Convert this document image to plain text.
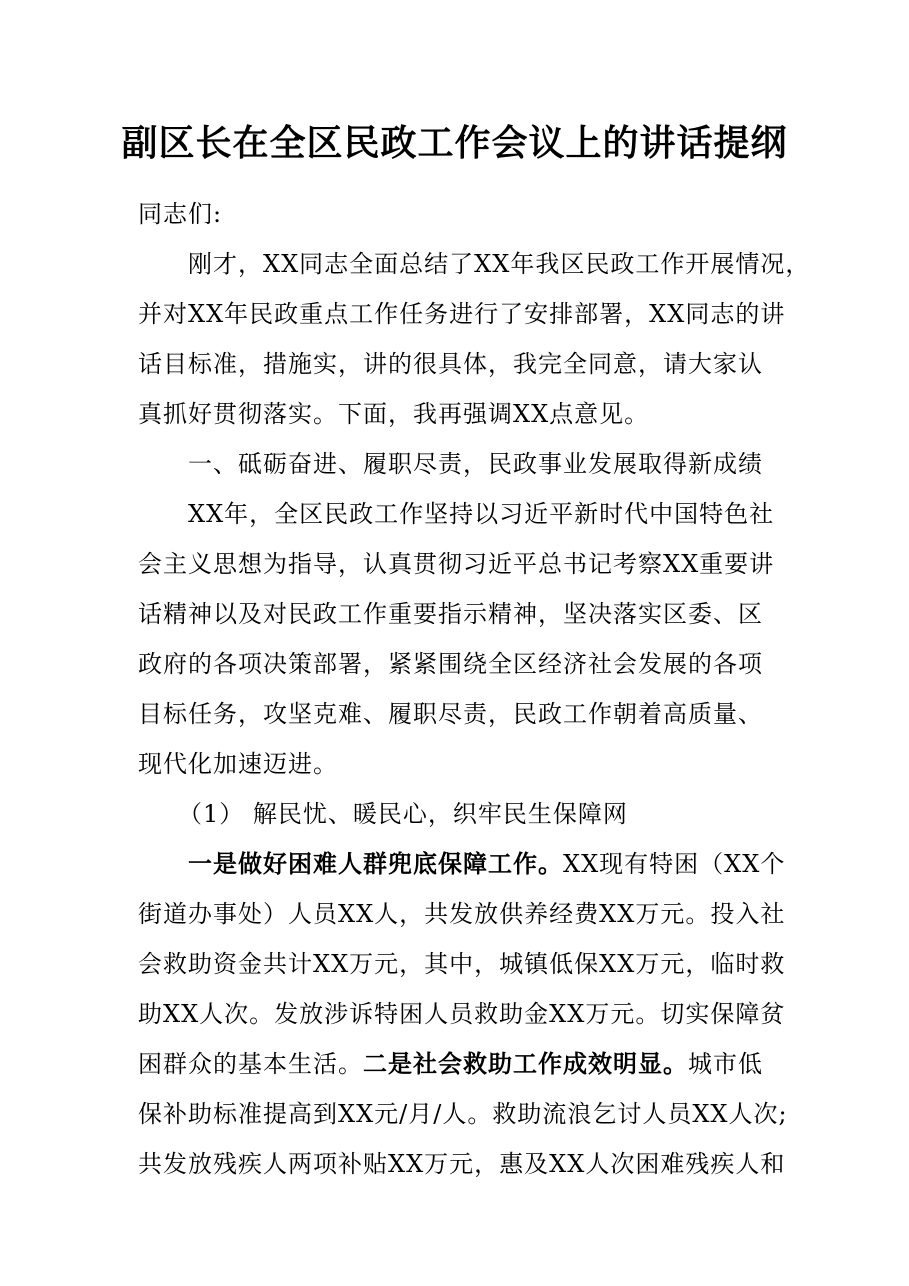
副区长在全区民政工作会议上的讲话提纲
同志们:
刚才，XX同志全面总结了XX年我区民政工作开展情况，
并对XX年民政重点工作任务进行了安排部署，XX同志的讲
话目标准，措施实，讲的很具体，我完全同意，请大家认
真抓好贯彻落实。下面，我再强调XX点意见。
一、砥砺奋进、履职尽责，民政事业发展取得新成绩
XX年，全区民政工作坚持以习近平新时代中国特色社
会主义思想为指导，认真贯彻习近平总书记考察XX重要讲
话精神以及对民政工作重要指示精神，坚决落实区委、区
政府的各项决策部署，紧紧围绕全区经济社会发展的各项
目标任务，攻坚克难、履职尽责，民政工作朝着高质量、
现代化加速迈进。
（1） 解民忧、暖民心，织牢民生保障网
一是做好困难人群兜底保障工作。XX现有特困（XX个
街道办事处）人员XX人，共发放供养经费XX万元。投入社
会救助资金共计XX万元，其中，城镇低保XX万元，临时救
助XX人次。发放涉诉特困人员救助金XX万元。切实保障贫
困群众的基本生活。二是社会救助工作成效明显。城市低
保补助标准提高到XX元/月/人。救助流浪乞讨人员XX人次;
共发放残疾人两项补贴XX万元，惠及XX人次困难残疾人和
